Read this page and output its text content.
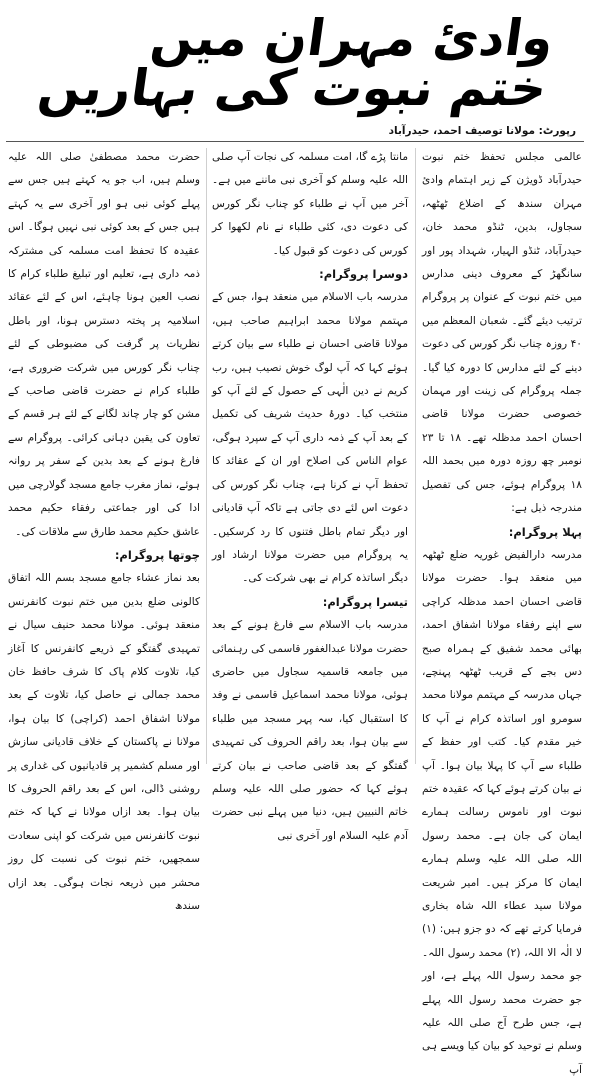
وادیٔ مہران میں ختم نبوت کی بہاریں
رپورٹ: مولانا توصیف احمد، حیدرآباد

عالمی مجلس تحفظ ختم نبوت حیدرآباد ڈویژن کے زیر اہتمام وادیٔ مہران سندھ کے اضلاع ٹھٹھہ، سجاول، بدین، ٹنڈو محمد خان، حیدرآباد، ٹنڈو الہیار، شہداد پور اور سانگھڑ کے معروف دینی مدارس میں ختم نبوت کے عنوان پر پروگرام ترتیب دیئے گئے۔ شعبان المعظم میں ۴۰ روزہ چناب نگر کورس کی دعوت دینے کے لئے مدارس کا دورہ کیا گیا۔ جملہ پروگرام کی زینت اور مہمان خصوصی حضرت مولانا قاضی احسان احمد مدظلہ تھے۔ ۱۸ تا ۲۳ نومبر چھ روزہ دورہ میں بحمد اللہ ۱۸ پروگرام ہوئے، جس کی تفصیل مندرجہ ذیل ہے:

پہلا پروگرام:

مدرسہ دارالفیض غوریہ ضلع ٹھٹھہ میں منعقد ہوا۔ حضرت مولانا قاضی احسان احمد مدظلہ کراچی سے اپنے رفقاء مولانا اشفاق احمد، بھائی محمد شفیق کے ہمراہ صبح دس بجے کے قریب ٹھٹھہ پہنچے، جہاں مدرسہ کے مہتمم مولانا محمد سومرو اور اساتذہ کرام نے آپ کا خیر مقدم کیا۔ کتب اور حفظ کے طلباء سے آپ کا پہلا بیان ہوا۔ آپ نے بیان کرتے ہوئے کہا کہ عقیدہ ختم نبوت اور ناموس رسالت ہمارے ایمان کی جان ہے۔ محمد رسول اللہ صلی اللہ علیہ وسلم ہمارے ایمان کا مرکز ہیں۔ امیر شریعت مولانا سید عطاء اللہ شاہ بخاری فرمایا کرتے تھے کہ دو جزو ہیں: (۱) لا الٰہ الا اللہ، (۲) محمد رسول اللہ۔ جو محمد رسول اللہ پہلے ہے، اور جو حضرت محمد رسول اللہ پہلے ہے، جس طرح آج صلی اللہ علیہ وسلم نے توحید کو بیان کیا ویسے ہی آپ

مانتا پڑے گا، امت مسلمہ کی نجات آپ صلی اللہ علیہ وسلم کو آخری نبی ماننے میں ہے۔ آخر میں آپ نے طلباء کو چناب نگر کورس کی دعوت دی، کئی طلباء نے نام لکھوا کر کورس کی دعوت کو قبول کیا۔

دوسرا پروگرام:

مدرسہ باب الاسلام میں منعقد ہوا، جس کے مہتمم مولانا محمد ابراہیم صاحب ہیں، مولانا قاضی احسان نے طلباء سے بیان کرتے ہوئے کہا کہ آپ لوگ خوش نصیب ہیں، رب کریم نے دین الٰہی کے حصول کے لئے آپ کو منتخب کیا۔ دورۂ حدیث شریف کی تکمیل کے بعد آپ کے ذمہ داری آپ کے سپرد ہوگی، عوام الناس کی اصلاح اور ان کے عقائد کا تحفظ آپ نے کرنا ہے، چناب نگر کورس کی دعوت اس لئے دی جاتی ہے تاکہ آپ قادیانی اور دیگر تمام باطل فتنوں کا رد کرسکیں۔ یہ پروگرام میں حضرت مولانا ارشاد اور دیگر اساتذہ کرام نے بھی شرکت کی۔

تیسرا پروگرام:

مدرسہ باب الاسلام سے فارغ ہونے کے بعد حضرت مولانا عبدالغفور قاسمی کی رہنمائی میں جامعہ قاسمیہ سجاول میں حاضری ہوئی، مولانا محمد اسماعیل قاسمی نے وفد کا استقبال کیا، سہ پہر مسجد میں طلباء سے بیان ہوا، بعد راقم الحروف کی تمہیدی گفتگو کے بعد قاضی صاحب نے بیان کرتے ہوئے کہا کہ حضور صلی اللہ علیہ وسلم خاتم النبیین ہیں، دنیا میں پہلے نبی حضرت آدم علیہ السلام اور آخری نبی

حضرت محمد مصطفیٰ صلی اللہ علیہ وسلم ہیں، اب جو یہ کہتے ہیں جس سے پہلے کوئی نبی ہو اور آخری سے یہ کہتے ہیں جس کے بعد کوئی نبی نہیں ہوگا۔ اس عقیدہ کا تحفظ امت مسلمہ کی مشترکہ ذمہ داری ہے، تعلیم اور تبلیغ طلباء کرام کا نصب العین ہونا چاہئے، اس کے لئے عقائد اسلامیہ پر پختہ دسترس ہونا، اور باطل نظریات پر گرفت کی مضبوطی کے لئے چناب نگر کورس میں شرکت ضروری ہے، طلباء کرام نے حضرت قاضی صاحب کے مشن کو چار چاند لگانے کے لئے ہر قسم کے تعاون کی یقین دہانی کرائی۔ پروگرام سے فارغ ہونے کے بعد بدین کے سفر پر روانہ ہوئے، نماز مغرب جامع مسجد گولارچی میں ادا کی اور جماعتی رفقاء حکیم محمد عاشق حکیم محمد طارق سے ملاقات کی۔

چوتھا پروگرام:

بعد نماز عشاء جامع مسجد بسم اللہ اتفاق کالونی ضلع بدین میں ختم نبوت کانفرنس منعقد ہوئی۔ مولانا محمد حنیف سیال نے تمہیدی گفتگو کے ذریعے کانفرنس کا آغاز کیا، تلاوت کلام پاک کا شرف حافظ خان محمد جمالی نے حاصل کیا، تلاوت کے بعد مولانا اشفاق احمد (کراچی) کا بیان ہوا، مولانا نے پاکستان کے خلاف قادیانی سازش اور مسلم کشمیر پر قادیانیوں کی غداری پر روشنی ڈالی، اس کے بعد راقم الحروف کا بیان ہوا۔ بعد ازاں مولانا نے کہا کہ ختم نبوت کانفرنس میں شرکت کو اپنی سعادت سمجھیں، ختم نبوت کی نسبت کل روز محشر میں ذریعہ نجات ہوگی۔ بعد ازاں سندھ
